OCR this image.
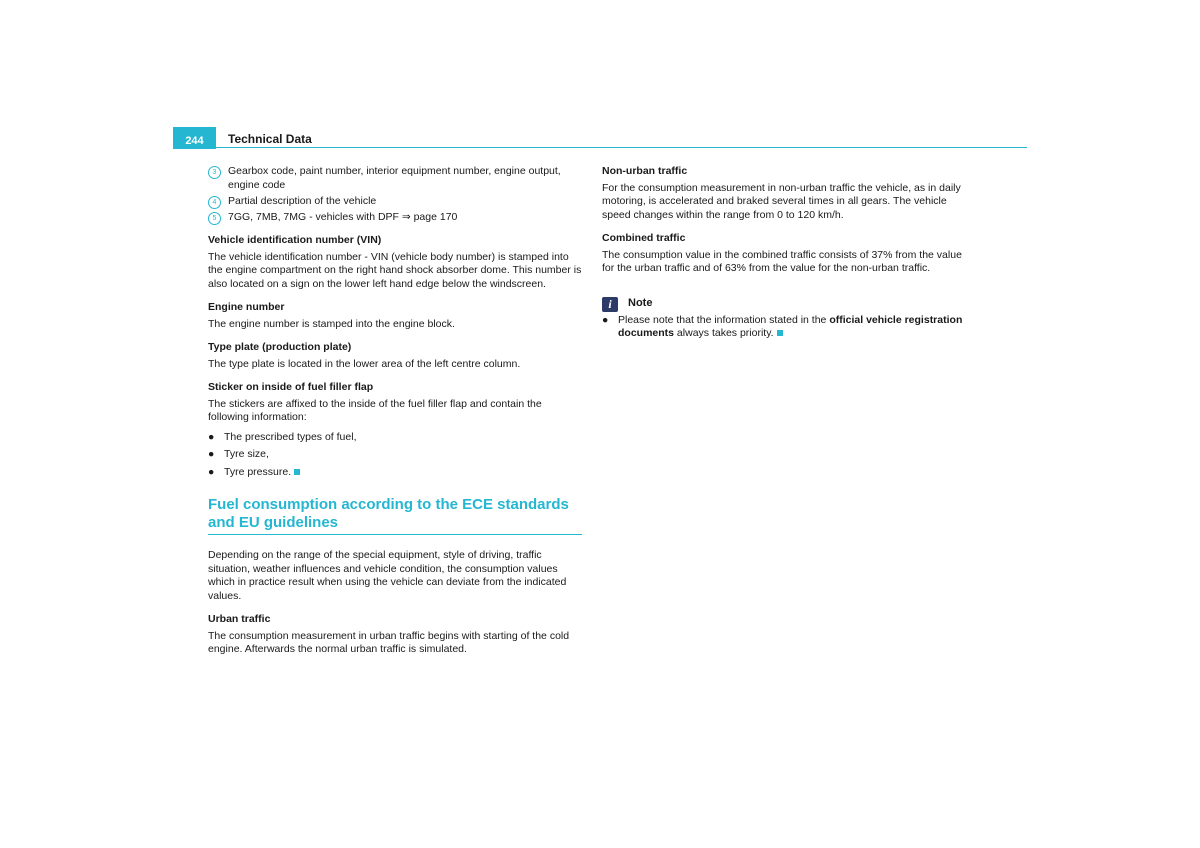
244	Technical Data
3	Gearbox code, paint number, interior equipment number, engine output, engine code
4	Partial description of the vehicle
5	7GG, 7MB, 7MG - vehicles with DPF ⇒ page 170

Vehicle identification number (VIN)

The vehicle identification number - VIN (vehicle body number) is stamped into the engine compartment on the right hand shock absorber dome. This number is also located on a sign on the lower left hand edge below the windscreen.

Engine number

The engine number is stamped into the engine block.

Type plate (production plate)

The type plate is located in the lower area of the left centre column.

Sticker on inside of fuel filler flap

The stickers are affixed to the inside of the fuel filler flap and contain the following information:

● The prescribed types of fuel,
● Tyre size,
● Tyre pressure.
Fuel consumption according to the ECE standards and EU guidelines

Depending on the range of the special equipment, style of driving, traffic situation, weather influences and vehicle condition, the consumption values which in practice result when using the vehicle can deviate from the indicated values.

Urban traffic

The consumption measurement in urban traffic begins with starting of the cold engine. Afterwards the normal urban traffic is simulated.

Non-urban traffic

For the consumption measurement in non-urban traffic the vehicle, as in daily motoring, is accelerated and braked several times in all gears. The vehicle speed changes within the range from 0 to 120 km/h.

Combined traffic

The consumption value in the combined traffic consists of 37% from the value for the urban traffic and of 63% from the value for the non-urban traffic.

i	Note
● Please note that the information stated in the official vehicle registration documents always takes priority.
